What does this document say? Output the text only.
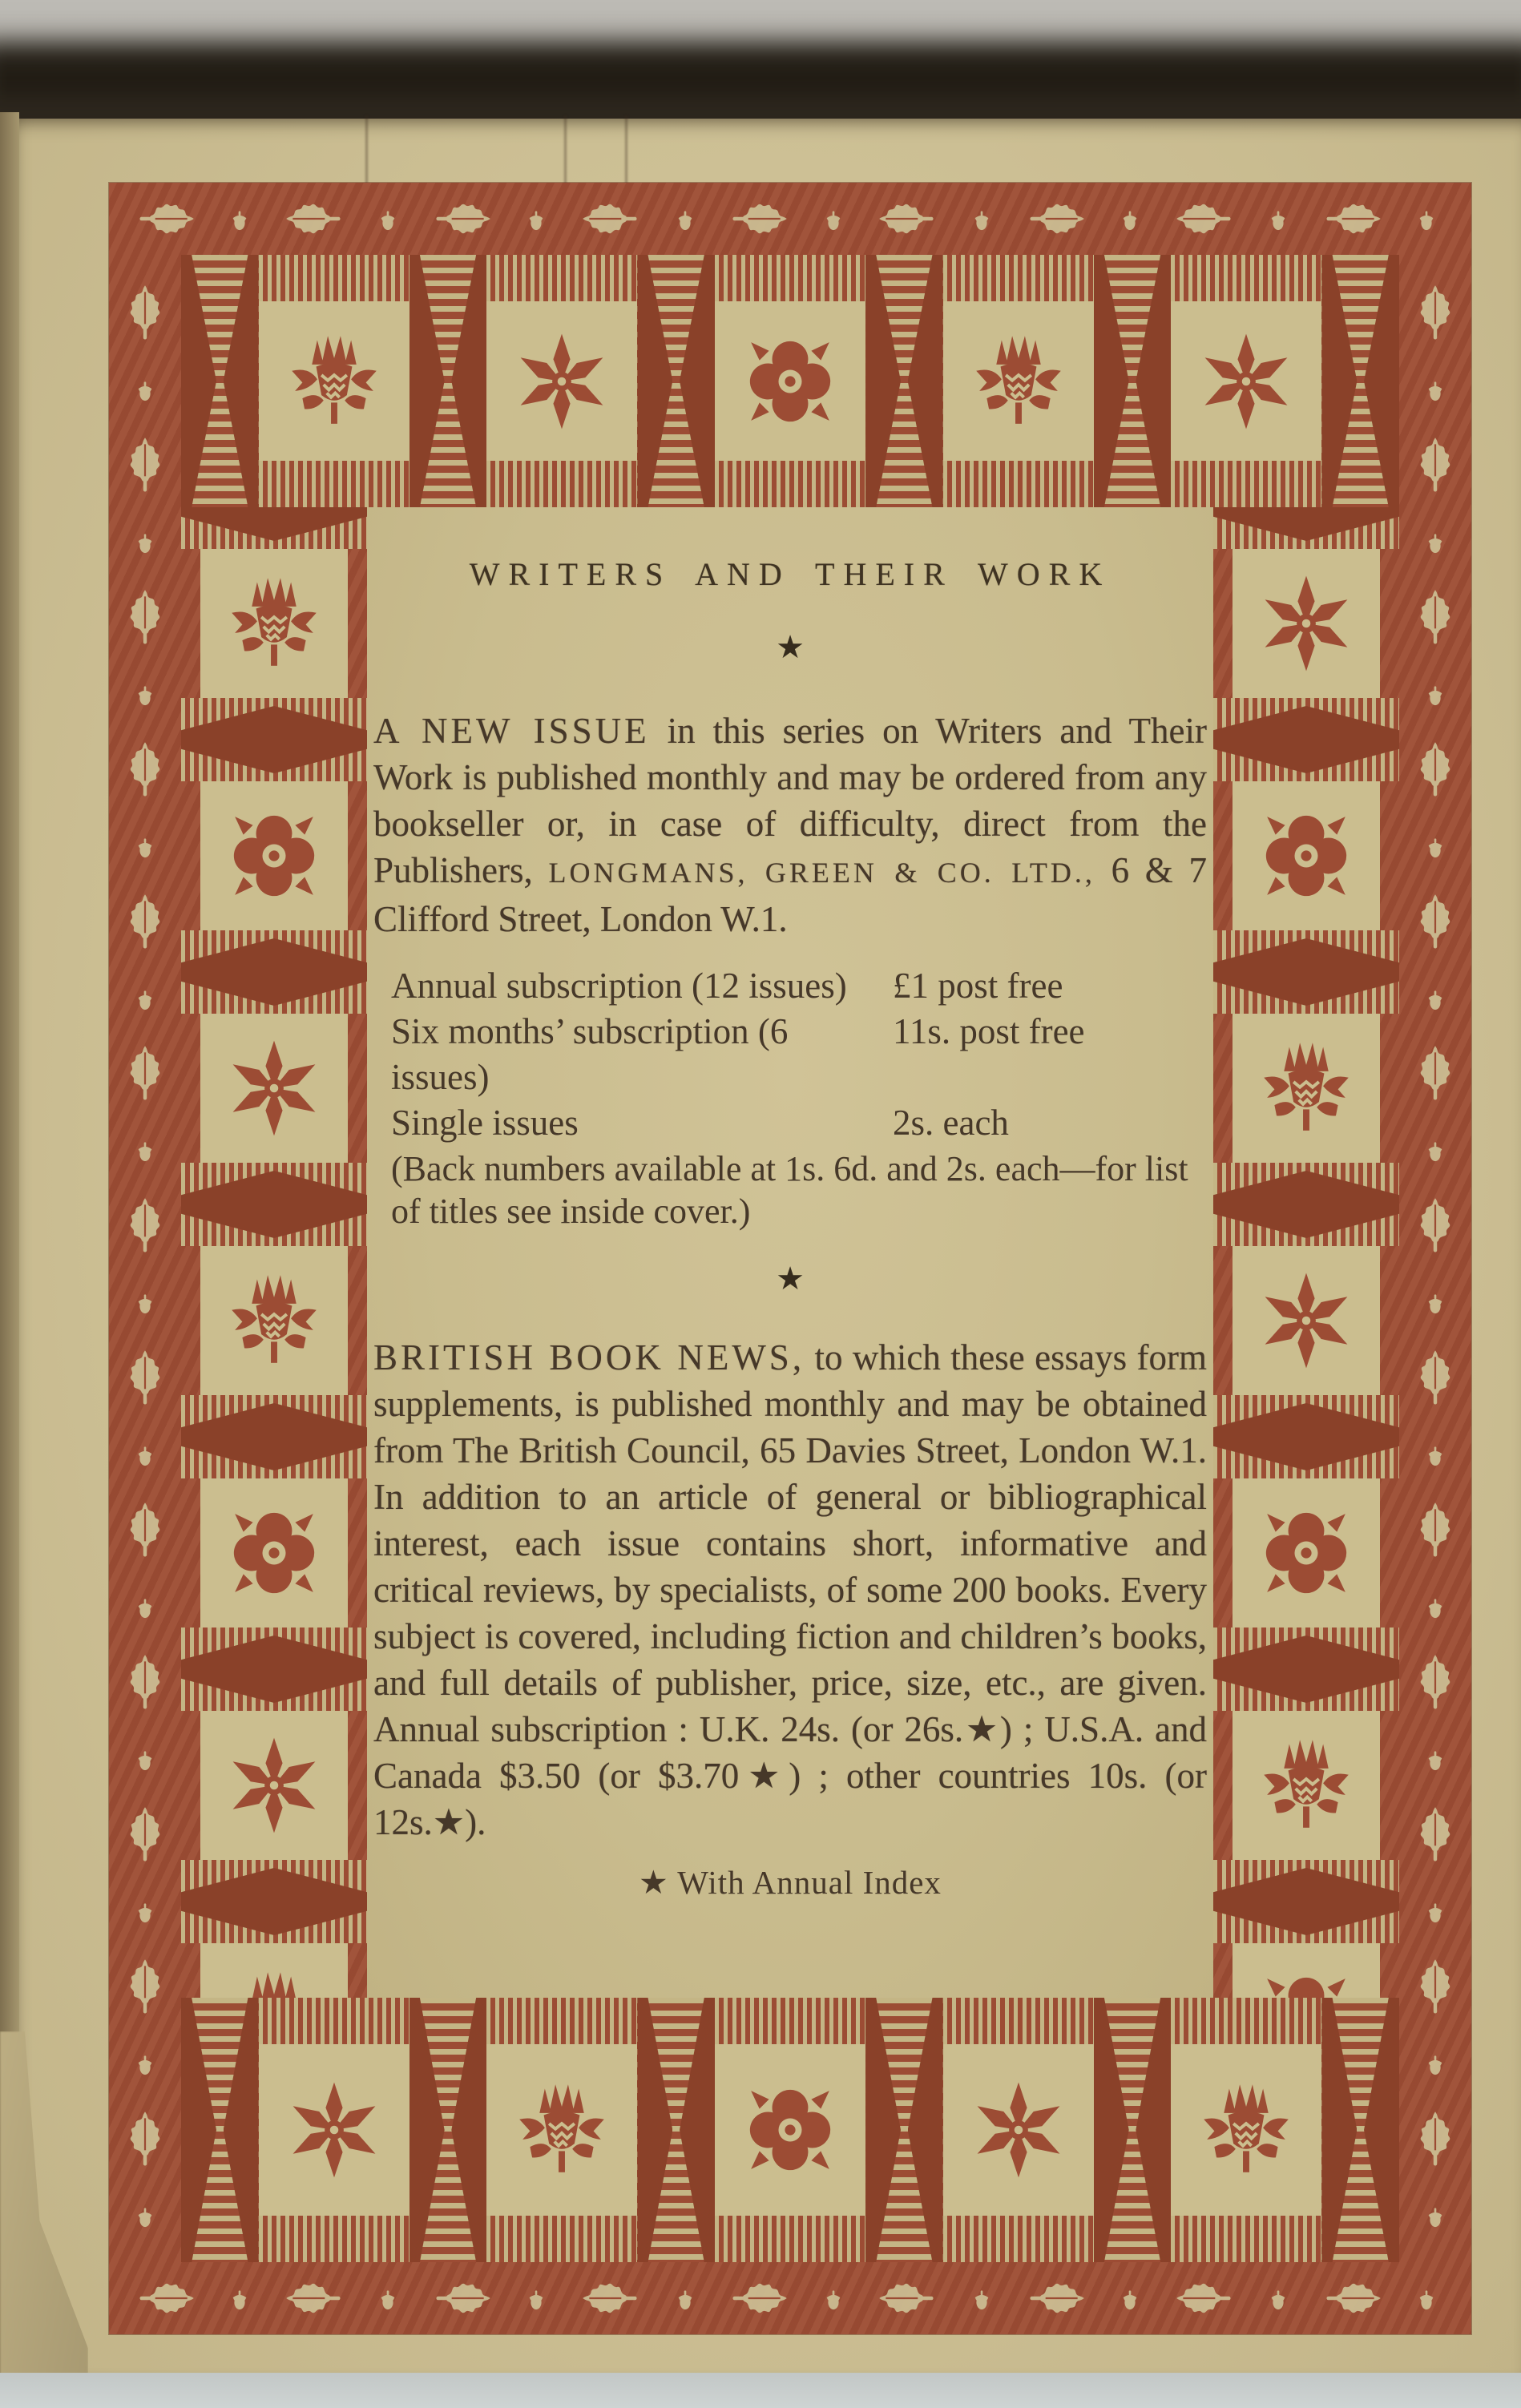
WRITERS AND THEIR WORK
★

A NEW ISSUE in this series on Writers and Their Work is published monthly and may be ordered from any bookseller or, in case of difficulty, direct from the Publishers, LONGMANS, GREEN & CO. LTD., 6 & 7 Clifford Street, London W.1.

Annual subscription (12 issues)	£1 post free
Six months’ subscription (6 issues)
11s. post free
Single issues	2s. each
(Back numbers available at 1s. 6d. and 2s. each—for list of titles see inside cover.)
★

BRITISH BOOK NEWS, to which these essays form supplements, is published monthly and may be obtained from The British Council, 65 Davies Street, London W.1. In addition to an article of general or bibliographical interest, each issue contains short, informative and critical reviews, by specialists, of some 200 books. Every subject is covered, including fiction and children’s books, and full details of publisher, price, size, etc., are given. Annual subscription : U.K. 24s. (or 26s.★) ; U.S.A. and Canada $3.50 (or $3.70★) ; other countries 10s. (or 12s.★).

★ With Annual Index
